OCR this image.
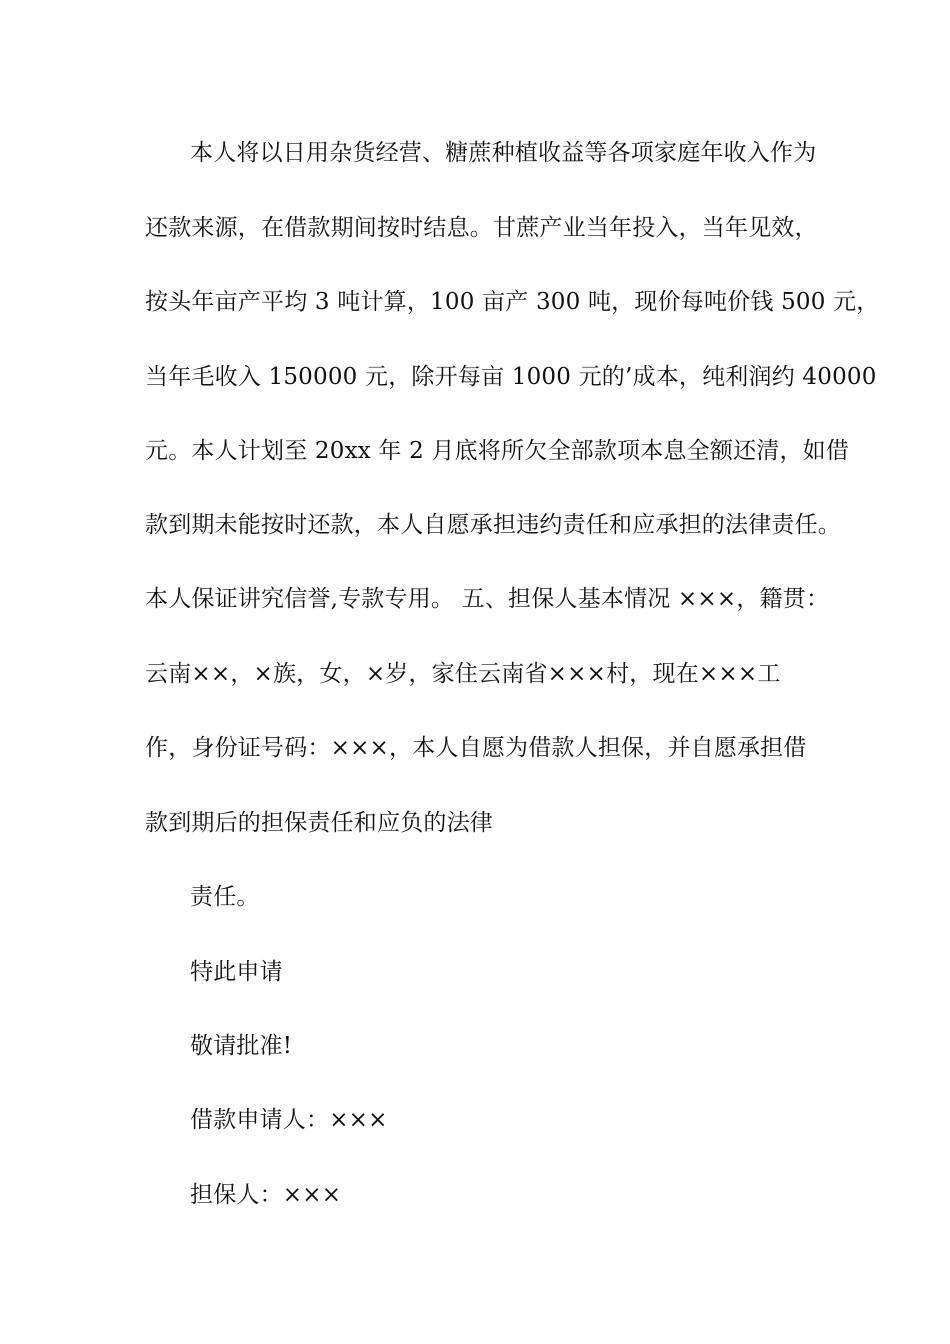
本人将以日用杂货经营、糖蔗种植收益等各项家庭年收入作为
还款来源，在借款期间按时结息。甘蔗产业当年投入，当年见效，
按头年亩产平均 3 吨计算，100 亩产 300 吨，现价每吨价钱 500 元，
当年毛收入 150000 元，除开每亩 1000 元的’成本，纯利润约 40000
元。本人计划至 20xx 年 2 月底将所欠全部款项本息全额还清，如借
款到期未能按时还款，本人自愿承担违约责任和应承担的法律责任。
本人保证讲究信誉,专款专用。 五、担保人基本情况 ×××，籍贯：
云南××，×族，女，×岁，家住云南省×××村，现在×××工
作，身份证号码：×××，本人自愿为借款人担保，并自愿承担借
款到期后的担保责任和应负的法律
责任。
特此申请
敬请批准!
借款申请人：×××
担保人：×××
